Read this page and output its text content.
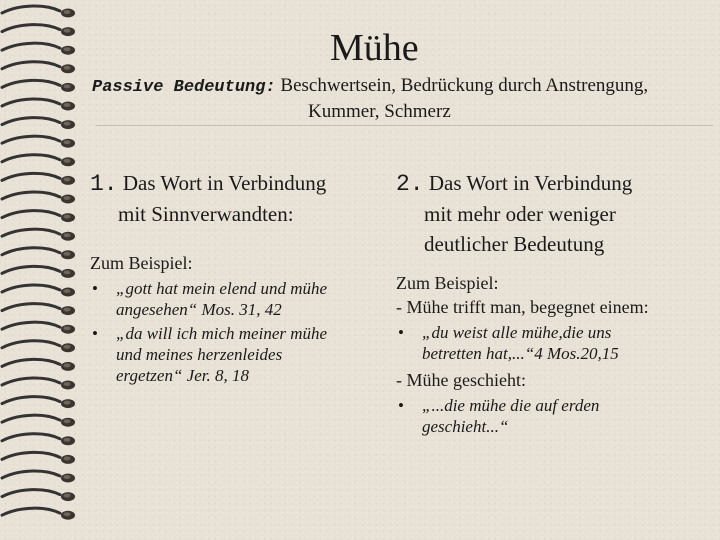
Mühe
Passive Bedeutung: Beschwertsein, Bedrückung durch Anstrengung,
Kummer, Schmerz

1. Das Wort in Verbindung
mit Sinnverwandten:

Zum Beispiel:
• „gott hat mein elend und mühe
angesehen“ Mos. 31, 42
• „da will ich mich meiner mühe
und meines herzenleides
ergetzen“ Jer. 8, 18

2. Das Wort in Verbindung
mit mehr oder weniger
deutlicher Bedeutung

Zum Beispiel:
- Mühe trifft man, begegnet einem:
• „du weist alle mühe,die uns
betretten hat,...“4 Mos.20,15
- Mühe geschieht:
• „...die mühe die auf erden
geschieht...“
